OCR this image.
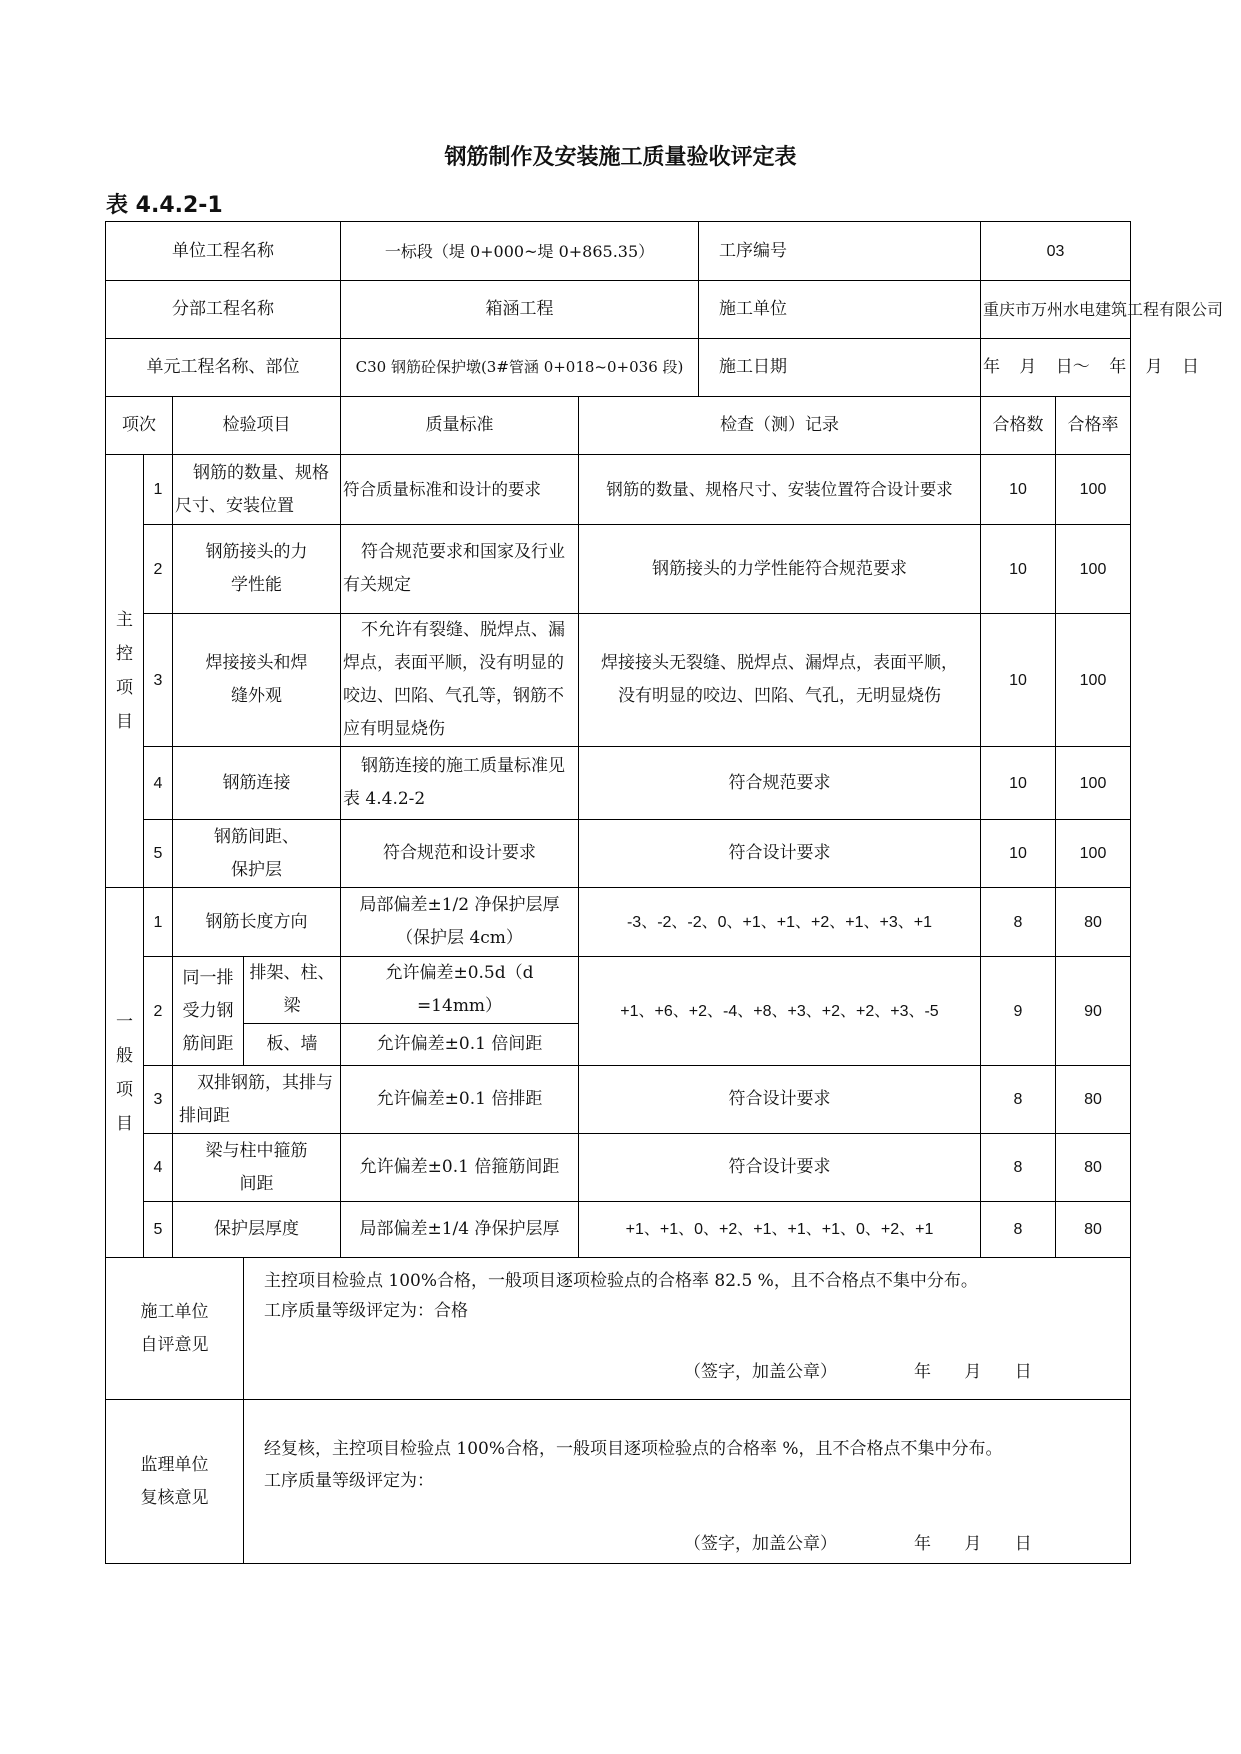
钢筋制作及安装施工质量验收评定表
表 4.4.2-1
单位工程名称				一标段（堤 0+000~堤 0+865.35）		工序编号	03	
分部工程名称				箱涵工程		施工单位	重庆市万州水电建筑工程有限公司	
单元工程名称、部位				C30 钢筋砼保护墩(3#管涵 0+018~0+036 段)		施工日期	年 月 日～ 年 月 日	
项次		检验项目		质量标准	检查（测）记录		合格数	合格率

主控项目	1	钢筋的数量、规格尺寸、安装位置		符合质量标准和设计的要求	钢筋的数量、规格尺寸、安装位置符合设计要求		10	100
	2	钢筋接头的力学性能		符合规范要求和国家及行业有关规定	钢筋接头的力学性能符合规范要求		10	100
	3	焊接接头和焊缝外观		不允许有裂缝、脱焊点、漏焊点，表面平顺，没有明显的咬边、凹陷、气孔等，钢筋不应有明显烧伤	焊接接头无裂缝、脱焊点、漏焊点，表面平顺，没有明显的咬边、凹陷、气孔，无明显烧伤		10	100
	4	钢筋连接		钢筋连接的施工质量标准见表 4.4.2-2	符合规范要求		10	100
	5	钢筋间距、保护层		符合规范和设计要求	符合设计要求		10	100

一般项目	1	钢筋长度方向		局部偏差±1/2 净保护层厚（保护层 4cm）	-3、-2、-2、0、+1、+1、+2、+1、+3、+1		8	80
	2	同一排受力钢筋间距	排架、柱、梁	允许偏差±0.5d（d=14mm）	+1、+6、+2、-4、+8、+3、+2、+2、+3、-5		9	90
			板、墙	允许偏差±0.1 倍间距				
	3	双排钢筋，其排与排间距		允许偏差±0.1 倍排距	符合设计要求		8	80
	4	梁与柱中箍筋间距		允许偏差±0.1 倍箍筋间距	符合设计要求		8	80
	5	保护层厚度		局部偏差±1/4 净保护层厚	+1、+1、0、+2、+1、+1、+1、0、+2、+1		8	80

施工单位自评意见			主控项目检验点 100%合格，一般项目逐项检验点的合格率 82.5 %，且不合格点不集中分布。
工序质量等级评定为：合格
（签字，加盖公章） 年 月 日					

监理单位复核意见			经复核，主控项目检验点 100%合格，一般项目逐项检验点的合格率 %，且不合格点不集中分布。
工序质量等级评定为：
（签字，加盖公章） 年 月 日					
